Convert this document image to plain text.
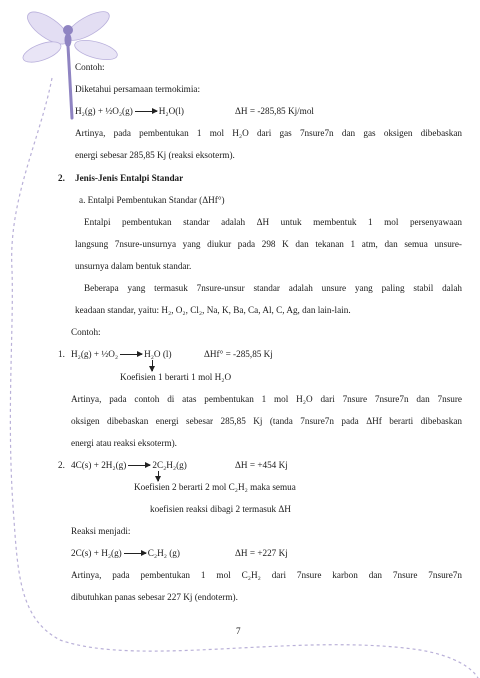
Contoh:
Diketahui persamaan termokimia:
H₂(g) + ½O₂(g) → H₂O(l)	ΔH = -285,85 Kj/mol
Artinya, pada pembentukan 1 mol H₂O dari gas 7nsure7n dan gas oksigen dibebaskan
energi sebesar 285,85 Kj (reaksi eksoterm).
2. Jenis-Jenis Entalpi Standar
a. Entalpi Pembentukan Standar (ΔHf°)
Entalpi pembentukan standar adalah ΔH untuk membentuk 1 mol persenyawaan
langsung 7nsure-unsurnya yang diukur pada 298 K dan tekanan 1 atm, dan semua unsure-
unsurnya dalam bentuk standar.
Beberapa yang termasuk 7nsure-unsur standar adalah unsure yang paling stabil dalah
keadaan standar, yaitu: H₂, O₂, Cl₂, Na, K, Ba, Ca, Al, C, Ag, dan lain-lain.
Contoh:
1. H₂(g) + ½O₂ → H₂O (l)	ΔHf° = -285,85 Kj
Koefisien 1 berarti 1 mol H₂O
Artinya, pada contoh di atas pembentukan 1 mol H₂O dari 7nsure 7nsure7n dan 7nsure
oksigen dibebaskan energi sebesar 285,85 Kj (tanda 7nsure7n pada ΔHf berarti dibebaskan
energi atau reaksi eksoterm).
2. 4C(s) + 2H₂(g) → 2C₂H₂(g)	ΔH = +454 Kj
Koefisien 2 berarti 2 mol C₂H₂ maka semua
koefisien reaksi dibagi 2 termasuk ΔH
Reaksi menjadi:
2C(s) + H₂(g) → C₂H₂ (g)	ΔH = +227 Kj
Artinya, pada pembentukan 1 mol C₂H₂ dari 7nsure karbon dan 7nsure 7nsure7n
dibutuhkan panas sebesar 227 Kj (endoterm).
7
